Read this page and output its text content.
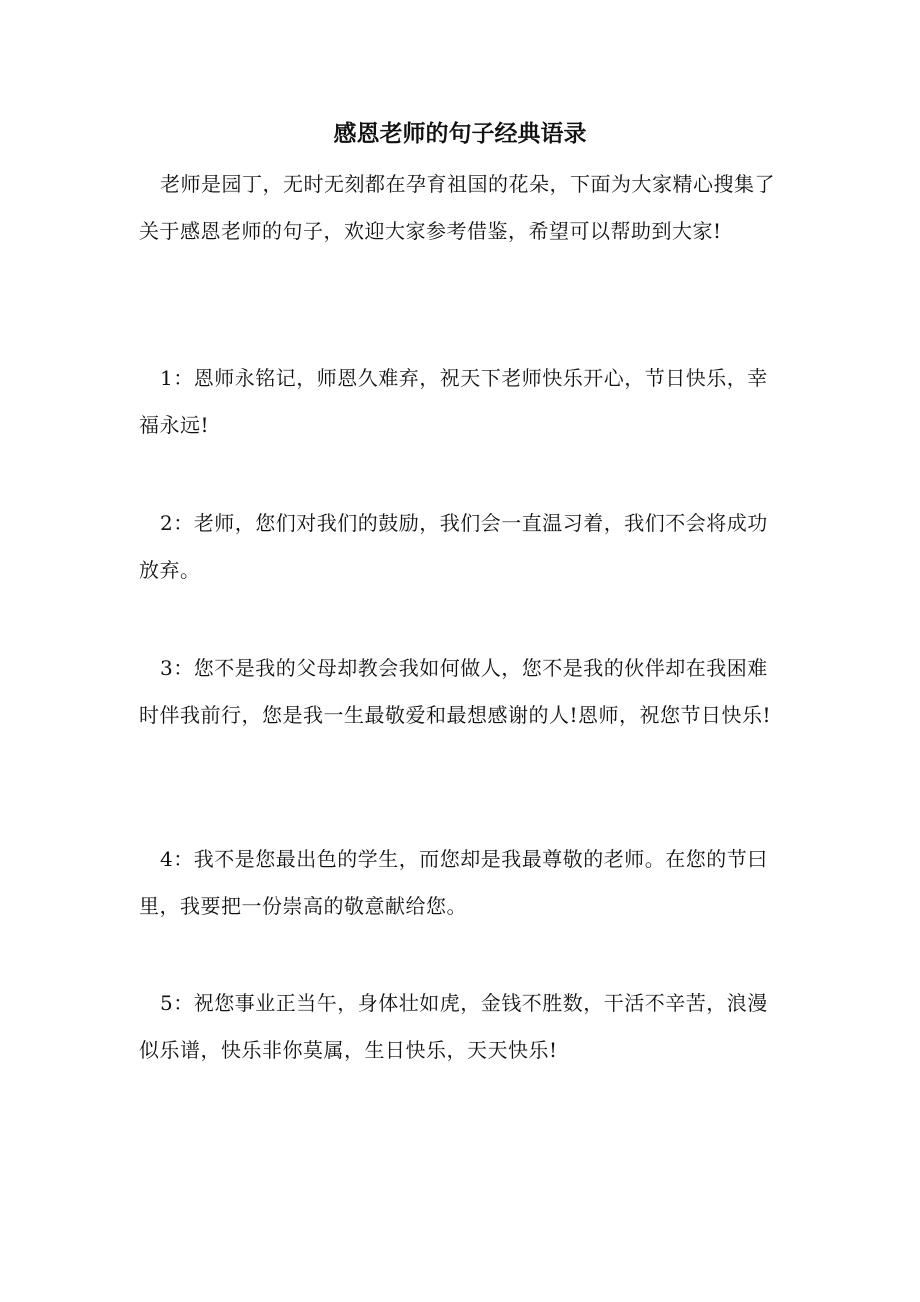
感恩老师的句子经典语录

老师是园丁，无时无刻都在孕育祖国的花朵，下面为大家精心搜集了关于感恩老师的句子，欢迎大家参考借鉴，希望可以帮助到大家!

1：恩师永铭记，师恩久难弃，祝天下老师快乐开心，节日快乐，幸福永远!

2：老师，您们对我们的鼓励，我们会一直温习着，我们不会将成功放弃。

3：您不是我的父母却教会我如何做人，您不是我的伙伴却在我困难时伴我前行，您是我一生最敬爱和最想感谢的人!恩师，祝您节日快乐!

4：我不是您最出色的学生，而您却是我最尊敬的老师。在您的节曰里，我要把一份崇高的敬意献给您。

5：祝您事业正当午，身体壮如虎，金钱不胜数，干活不辛苦，浪漫似乐谱，快乐非你莫属，生日快乐，天天快乐!
